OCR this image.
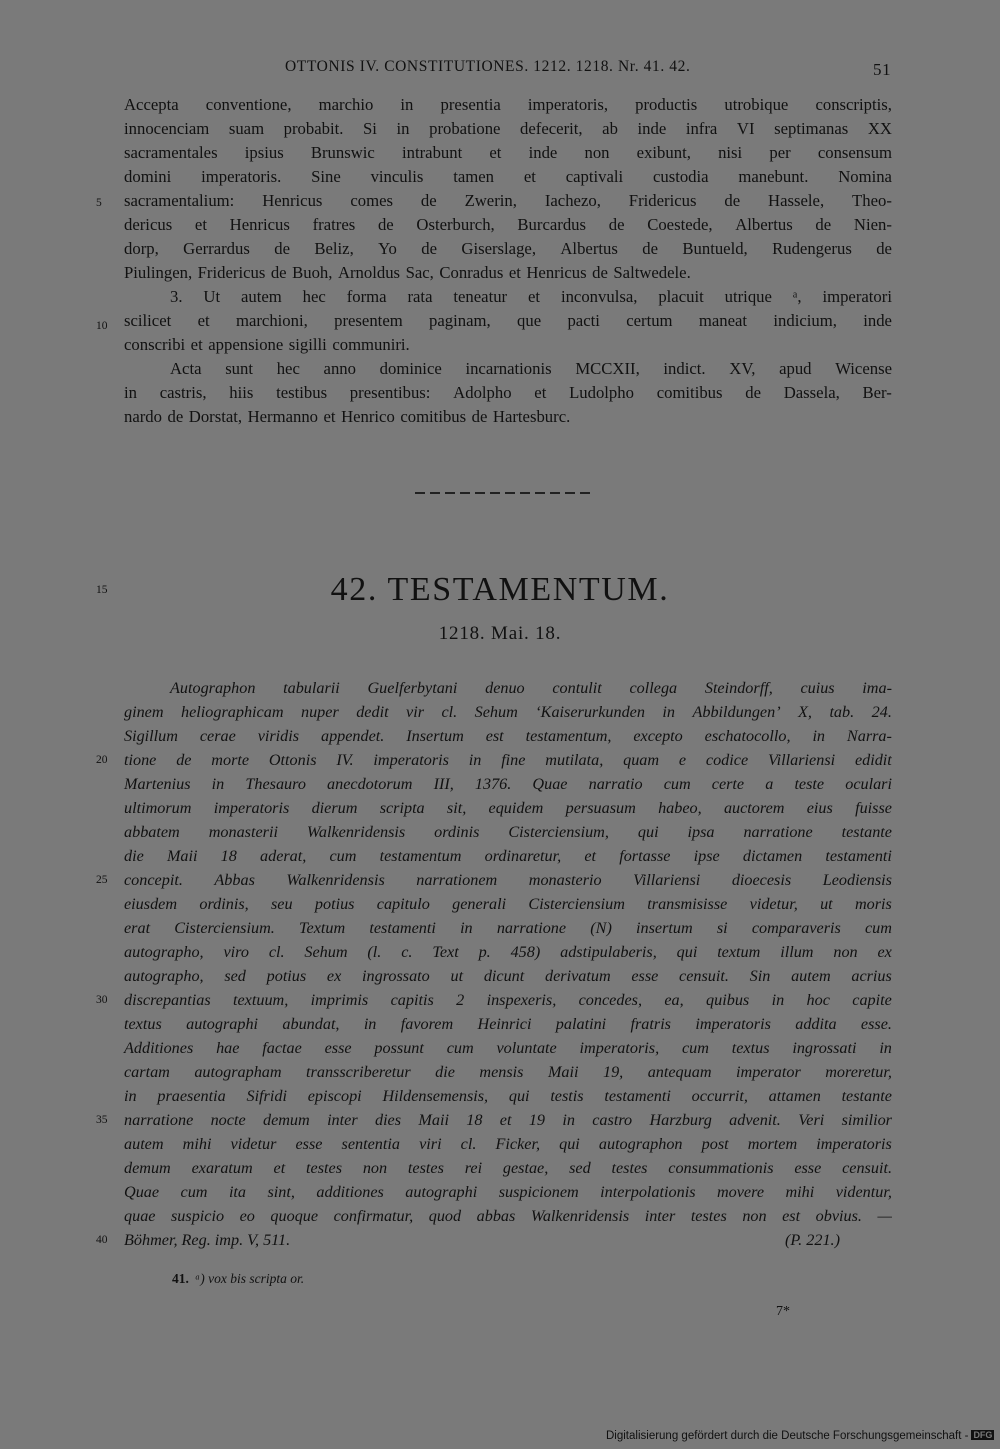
OTTONIS IV. CONSTITUTIONES. 1212. 1218. Nr. 41. 42.	51
Accepta conventione, marchio in presentia imperatoris, productis utrobique conscriptis,
innocenciam suam probabit. Si in probatione defecerit, ab inde infra VI septimanas XX
sacramentales ipsius Brunswic intrabunt et inde non exibunt, nisi per consensum
domini imperatoris. Sine vinculis tamen et captivali custodia manebunt. Nomina
sacramentalium: Henricus comes de Zwerin, Iachezo, Fridericus de Hassele, Theo-
dericus et Henricus fratres de Osterburch, Burcardus de Coestede, Albertus de Nien-
dorp, Gerrardus de Beliz, Yo de Giserslage, Albertus de Buntueld, Rudengerus de
Piulingen, Fridericus de Buoh, Arnoldus Sac, Conradus et Henricus de Saltwedele.
3. Ut autem hec forma rata teneatur et inconvulsa, placuit utrique ᵃ, imperatori
scilicet et marchioni, presentem paginam, que pacti certum maneat indicium, inde
conscribi et appensione sigilli communiri.
Acta sunt hec anno dominice incarnationis MCCXII, indict. XV, apud Wicense
in castris, hiis testibus presentibus: Adolpho et Ludolpho comitibus de Dassela, Ber-
nardo de Dorstat, Hermanno et Henrico comitibus de Hartesburc.
5
10
15
20
25
30
35
40
42. TESTAMENTUM.
1218. Mai. 18.
Autographon tabularii Guelferbytani denuo contulit collega Steindorff, cuius ima-
ginem heliographicam nuper dedit vir cl. Sehum ‘Kaiserurkunden in Abbildungen’ X, tab. 24.
Sigillum cerae viridis appendet. Insertum est testamentum, excepto eschatocollo, in Narra-
tione de morte Ottonis IV. imperatoris in fine mutilata, quam e codice Villariensi edidit
Martenius in Thesauro anecdotorum III, 1376. Quae narratio cum certe a teste oculari
ultimorum imperatoris dierum scripta sit, equidem persuasum habeo, auctorem eius fuisse
abbatem monasterii Walkenridensis ordinis Cisterciensium, qui ipsa narratione testante
die Maii 18 aderat, cum testamentum ordinaretur, et fortasse ipse dictamen testamenti
concepit. Abbas Walkenridensis narrationem monasterio Villariensi dioecesis Leodiensis
eiusdem ordinis, seu potius capitulo generali Cisterciensium transmisisse videtur, ut moris
erat Cisterciensium. Textum testamenti in narratione (N) insertum si comparaveris cum
autographo, viro cl. Sehum (l. c. Text p. 458) adstipulaberis, qui textum illum non ex
autographo, sed potius ex ingrossato ut dicunt derivatum esse censuit. Sin autem acrius
discrepantias textuum, imprimis capitis 2 inspexeris, concedes, ea, quibus in hoc capite
textus autographi abundat, in favorem Heinrici palatini fratris imperatoris addita esse.
Additiones hae factae esse possunt cum voluntate imperatoris, cum textus ingrossati in
cartam autographam transscriberetur die mensis Maii 19, antequam imperator moreretur,
in praesentia Sifridi episcopi Hildensemensis, qui testis testamenti occurrit, attamen testante
narratione nocte demum inter dies Maii 18 et 19 in castro Harzburg advenit. Veri similior
autem mihi videtur esse sententia viri cl. Ficker, qui autographon post mortem imperatoris
demum exaratum et testes non testes rei gestae, sed testes consummationis esse censuit.
Quae cum ita sint, additiones autographi suspicionem interpolationis movere mihi videntur,
quae suspicio eo quoque confirmatur, quod abbas Walkenridensis inter testes non est obvius. —
Böhmer, Reg. imp. V, 511.	(P. 221.)
41. ᵃ) vox bis scripta or.
7*
Digitalisierung gefördert durch die Deutsche Forschungsgemeinschaft - DFG
